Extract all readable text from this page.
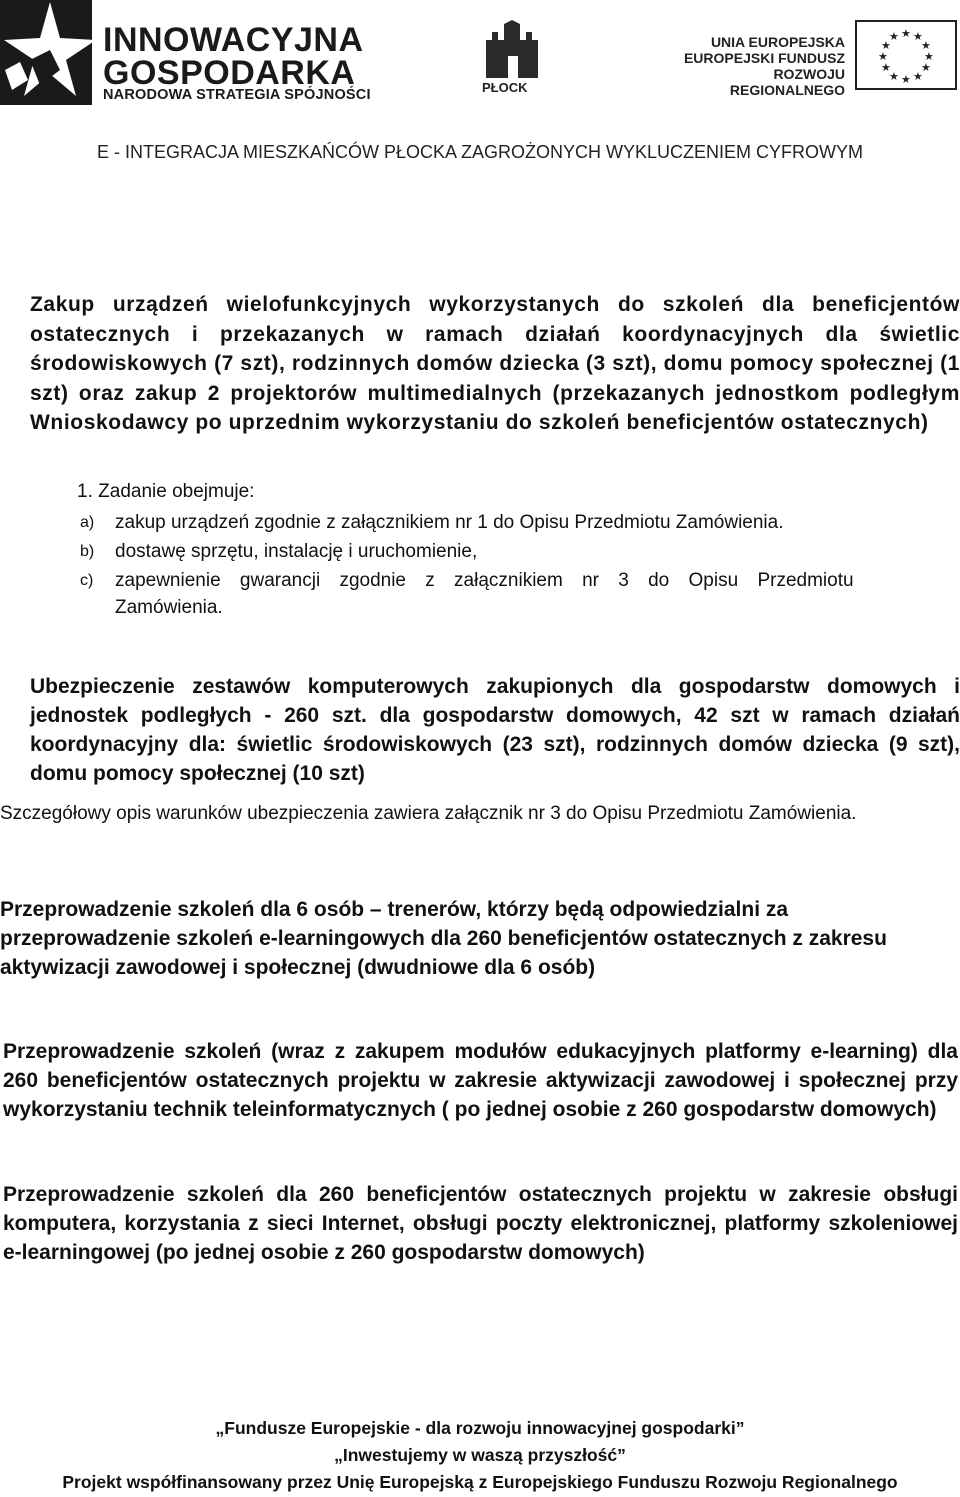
INNOWACYJNA
GOSPODARKA
NARODOWA STRATEGIA SPÓJNOŚCI	PŁOCK
UNIA EUROPEJSKA
EUROPEJSKI FUNDUSZ
ROZWOJU REGIONALNEGO
★ ★
★
★
★
★
★
★
★
★
★
★
E - INTEGRACJA MIESZKAŃCÓW PŁOCKA ZAGROŻONYCH WYKLUCZENIEM CYFROWYM
Zakup urządzeń wielofunkcyjnych wykorzystanych do szkoleń dla beneficjentów ostatecznych i przekazanych w ramach działań koordynacyjnych dla świetlic środowiskowych (7 szt), rodzinnych domów dziecka (3 szt), domu pomocy społecznej (1 szt) oraz zakup 2 projektorów multimedialnych (przekazanych jednostkom podległym Wnioskodawcy po uprzednim wykorzystaniu do szkoleń beneficjentów ostatecznych)
1. Zadanie obejmuje:
a) zakup urządzeń zgodnie z załącznikiem nr 1 do Opisu Przedmiotu Zamówienia.
b) dostawę sprzętu, instalację i uruchomienie,
c) zapewnienie gwarancji zgodnie z załącznikiem nr 3 do Opisu Przedmiotu Zamówienia.
Ubezpieczenie zestawów komputerowych zakupionych dla gospodarstw domowych i jednostek podległych - 260 szt. dla gospodarstw domowych, 42 szt w ramach działań koordynacyjny dla: świetlic środowiskowych (23 szt), rodzinnych domów dziecka (9 szt), domu pomocy społecznej (10 szt)
Szczegółowy opis warunków ubezpieczenia zawiera załącznik nr 3 do Opisu Przedmiotu Zamówienia.
Przeprowadzenie szkoleń dla 6 osób – trenerów, którzy będą odpowiedzialni za przeprowadzenie szkoleń e-learningowych dla 260 beneficjentów ostatecznych z zakresu aktywizacji zawodowej i społecznej (dwudniowe dla 6 osób)
Przeprowadzenie szkoleń (wraz z zakupem modułów edukacyjnych platformy e-learning) dla 260 beneficjentów ostatecznych projektu w zakresie aktywizacji zawodowej i społecznej przy wykorzystaniu technik teleinformatycznych ( po jednej osobie z 260 gospodarstw domowych)
Przeprowadzenie szkoleń dla 260 beneficjentów ostatecznych projektu w zakresie obsługi komputera, korzystania z sieci Internet, obsługi poczty elektronicznej, platformy szkoleniowej e-learningowej (po jednej osobie z 260 gospodarstw domowych)
„Fundusze Europejskie - dla rozwoju innowacyjnej gospodarki”
„Inwestujemy w waszą przyszłość”
Projekt współfinansowany przez Unię Europejską z Europejskiego Funduszu Rozwoju Regionalnego
